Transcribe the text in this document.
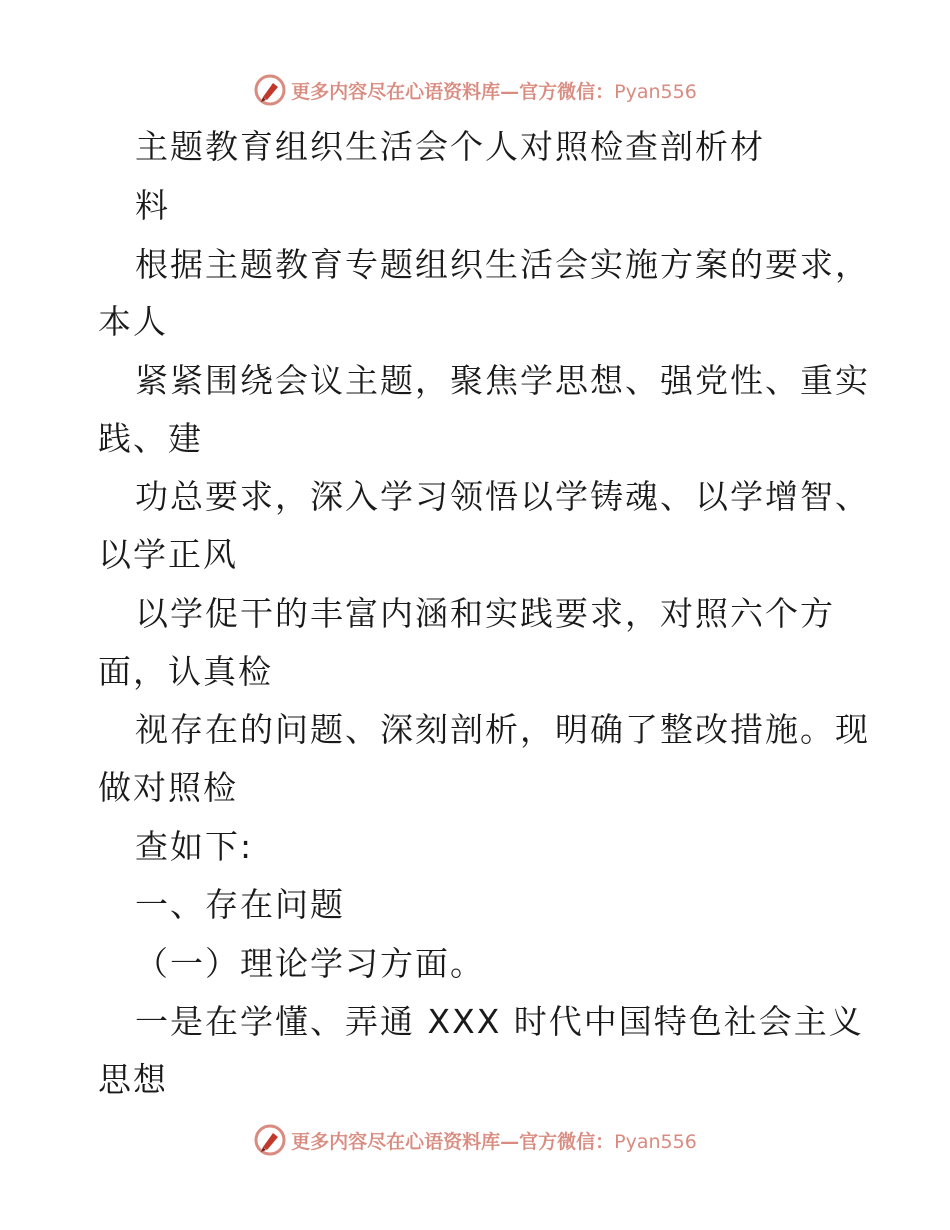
更多内容尽在心语资料库—官方微信：Pyan556
主题教育组织生活会个人对照检查剖析材
料
根据主题教育专题组织生活会实施方案的要求，
本人
紧紧围绕会议主题，聚焦学思想、强党性、重实
践、建
功总要求，深入学习领悟以学铸魂、以学增智、
以学正风
以学促干的丰富内涵和实践要求，对照六个方
面，认真检
视存在的问题、深刻剖析，明确了整改措施。现
做对照检
查如下:
一、存在问题
（一）理论学习方面。
一是在学懂、弄通 XXX 时代中国特色社会主义
思想
更多内容尽在心语资料库—官方微信：Pyan556
